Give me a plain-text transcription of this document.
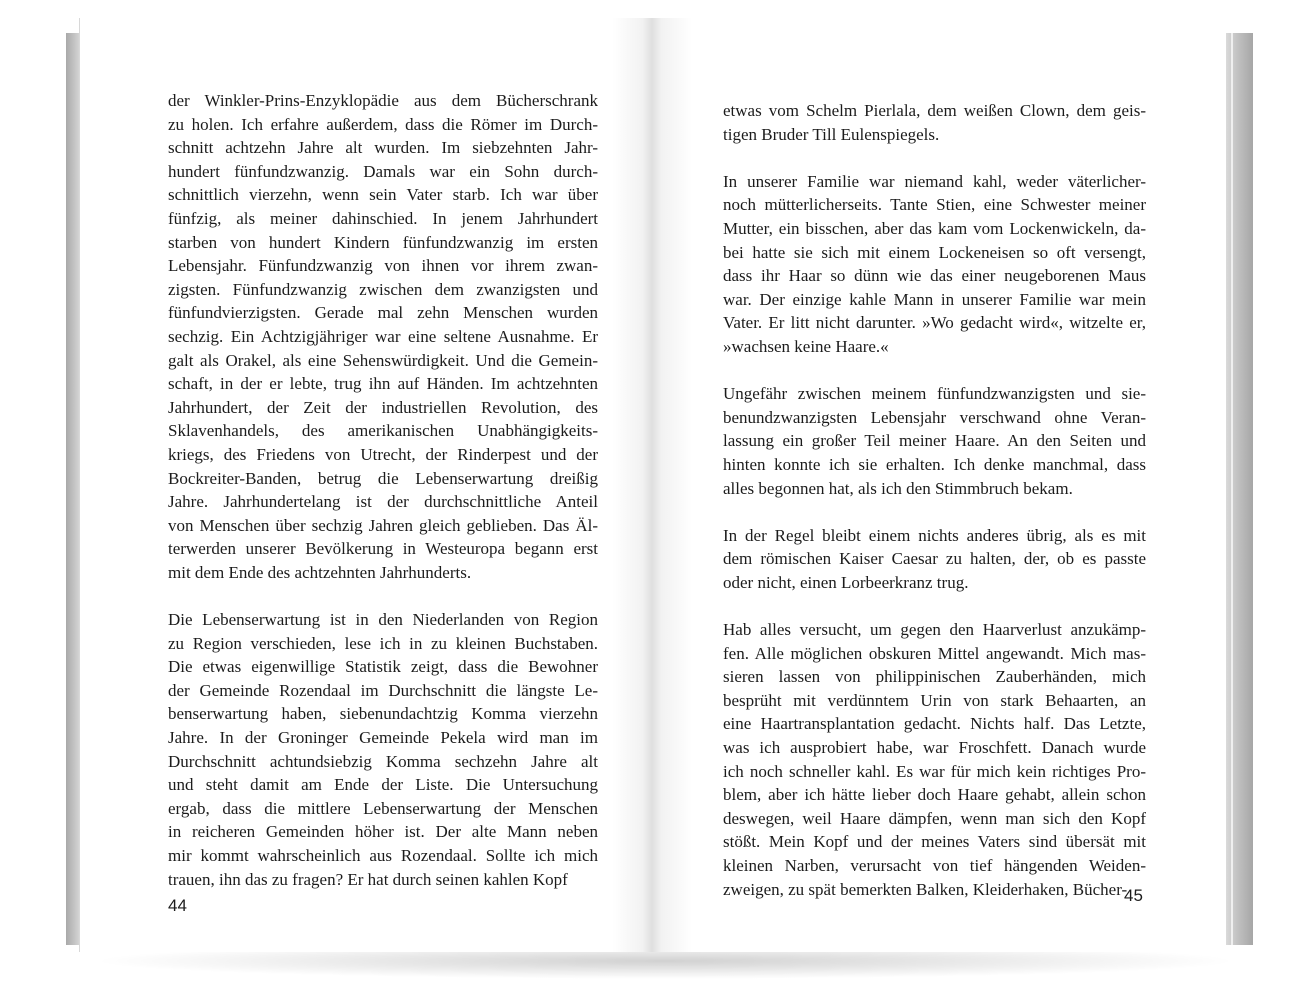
der Winkler-Prins-Enzyklopädie aus dem Bücherschrank
zu holen. Ich erfahre außerdem, dass die Römer im Durch-
schnitt achtzehn Jahre alt wurden. Im siebzehnten Jahr-
hundert fünfundzwanzig. Damals war ein Sohn durch-
schnittlich vierzehn, wenn sein Vater starb. Ich war über
fünfzig, als meiner dahinschied. In jenem Jahrhundert
starben von hundert Kindern fünfundzwanzig im ersten
Lebensjahr. Fünfundzwanzig von ihnen vor ihrem zwan-
zigsten. Fünfundzwanzig zwischen dem zwanzigsten und
fünfundvierzigsten. Gerade mal zehn Menschen wurden
sechzig. Ein Achtzigjähriger war eine seltene Ausnahme. Er
galt als Orakel, als eine Sehenswürdigkeit. Und die Gemein-
schaft, in der er lebte, trug ihn auf Händen. Im achtzehnten
Jahrhundert, der Zeit der industriellen Revolution, des
Sklavenhandels, des amerikanischen Unabhängigkeits-
kriegs, des Friedens von Utrecht, der Rinderpest und der
Bockreiter-Banden, betrug die Lebenserwartung dreißig
Jahre. Jahrhundertelang ist der durchschnittliche Anteil
von Menschen über sechzig Jahren gleich geblieben. Das Äl-
terwerden unserer Bevölkerung in Westeuropa begann erst
mit dem Ende des achtzehnten Jahrhunderts.
Die Lebenserwartung ist in den Niederlanden von Region
zu Region verschieden, lese ich in zu kleinen Buchstaben.
Die etwas eigenwillige Statistik zeigt, dass die Bewohner
der Gemeinde Rozendaal im Durchschnitt die längste Le-
benserwartung haben, siebenundachtzig Komma vierzehn
Jahre. In der Groninger Gemeinde Pekela wird man im
Durchschnitt achtundsiebzig Komma sechzehn Jahre alt
und steht damit am Ende der Liste. Die Untersuchung
ergab, dass die mittlere Lebenserwartung der Menschen
in reicheren Gemeinden höher ist. Der alte Mann neben
mir kommt wahrscheinlich aus Rozendaal. Sollte ich mich
trauen, ihn das zu fragen? Er hat durch seinen kahlen Kopf
etwas vom Schelm Pierlala, dem weißen Clown, dem geis-
tigen Bruder Till Eulenspiegels.
In unserer Familie war niemand kahl, weder väterlicher-
noch mütterlicherseits. Tante Stien, eine Schwester meiner
Mutter, ein bisschen, aber das kam vom Lockenwickeln, da-
bei hatte sie sich mit einem Lockeneisen so oft versengt,
dass ihr Haar so dünn wie das einer neugeborenen Maus
war. Der einzige kahle Mann in unserer Familie war mein
Vater. Er litt nicht darunter. »Wo gedacht wird«, witzelte er,
»wachsen keine Haare.«
Ungefähr zwischen meinem fünfundzwanzigsten und sie-
benundzwanzigsten Lebensjahr verschwand ohne Veran-
lassung ein großer Teil meiner Haare. An den Seiten und
hinten konnte ich sie erhalten. Ich denke manchmal, dass
alles begonnen hat, als ich den Stimmbruch bekam.
In der Regel bleibt einem nichts anderes übrig, als es mit
dem römischen Kaiser Caesar zu halten, der, ob es passte
oder nicht, einen Lorbeerkranz trug.
Hab alles versucht, um gegen den Haarverlust anzukämp-
fen. Alle möglichen obskuren Mittel angewandt. Mich mas-
sieren lassen von philippinischen Zauberhänden, mich
besprüht mit verdünntem Urin von stark Behaarten, an
eine Haartransplantation gedacht. Nichts half. Das Letzte,
was ich ausprobiert habe, war Froschfett. Danach wurde
ich noch schneller kahl. Es war für mich kein richtiges Pro-
blem, aber ich hätte lieber doch Haare gehabt, allein schon
deswegen, weil Haare dämpfen, wenn man sich den Kopf
stößt. Mein Kopf und der meines Vaters sind übersät mit
kleinen Narben, verursacht von tief hängenden Weiden-
zweigen, zu spät bemerkten Balken, Kleiderhaken, Bücher-
44
45
